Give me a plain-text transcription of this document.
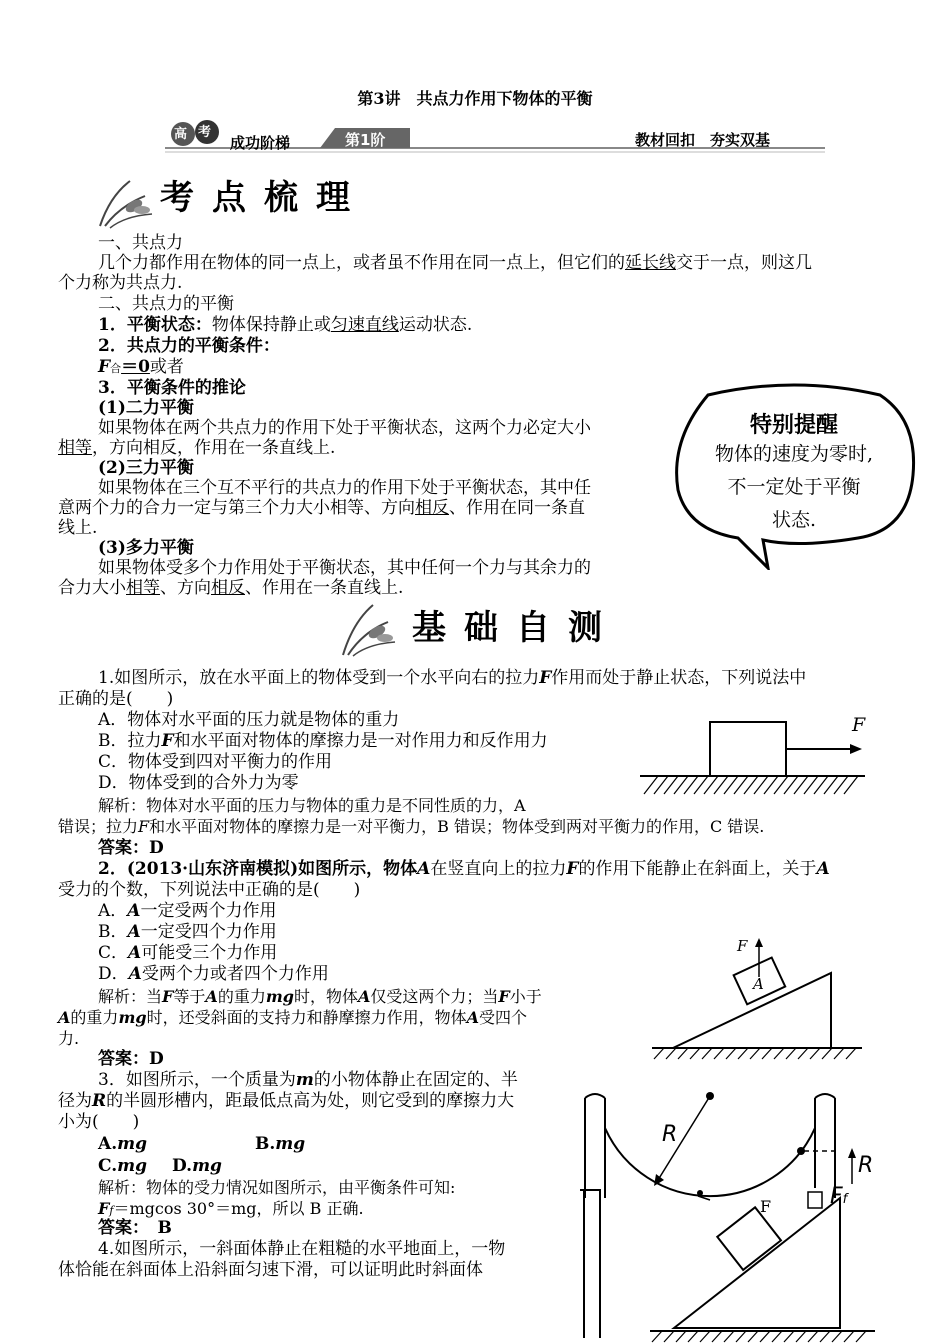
第3讲　共点力作用下物体的平衡
高 考
成功阶梯	第1阶	教材回扣　夯实双基
考点梳理
一、共点力
几个力都作用在物体的同一点上，或者虽不作用在同一点上，但它们的延长线交于一点，则这几
个力称为共点力.
二、共点力的平衡
1．平衡状态：物体保持静止或匀速直线运动状态.
2．共点力的平衡条件：
F合＝0或者
3．平衡条件的推论
(1)二力平衡
如果物体在两个共点力的作用下处于平衡状态，这两个力必定大小
相等，方向相反，作用在一条直线上.
(2)三力平衡
如果物体在三个互不平行的共点力的作用下处于平衡状态，其中任
意两个力的合力一定与第三个力大小相等、方向相反、作用在同一条直
线上.
(3)多力平衡
如果物体受多个力作用处于平衡状态，其中任何一个力与其余力的
合力大小相等、方向相反、作用在一条直线上.
特别提醒
物体的速度为零时,
不一定处于平衡
状态.
基础自测
1.如图所示，放在水平面上的物体受到一个水平向右的拉力F作用而处于静止状态，下列说法中
正确的是(　　)
A．物体对水平面的压力就是物体的重力
B．拉力F和水平面对物体的摩擦力是一对作用力和反作用力
C．物体受到四对平衡力的作用
D．物体受到的合外力为零
解析：物体对水平面的压力与物体的重力是不同性质的力，A
错误；拉力F和水平面对物体的摩擦力是一对平衡力，B 错误；物体受到两对平衡力的作用，C 错误.
答案：D
F
2．(2013·山东济南模拟)如图所示，物体A在竖直向上的拉力F的作用下能静止在斜面上，关于A
受力的个数，下列说法中正确的是(　　)
A．A一定受两个力作用
B．A一定受四个力作用
C．A可能受三个力作用
D．A受两个力或者四个力作用
解析：当F等于A的重力mg时，物体A仅受这两个力；当F小于
A的重力mg时，还受斜面的支持力和静摩擦力作用，物体A受四个
力.
答案：D
F
A
3．如图所示，一个质量为m的小物体静止在固定的、半
径为R的半圆形槽内，距最低点高为处，则它受到的摩擦力大
小为(　　)
A.mg	B.mg
C.mg D.mg
解析：物体的受力情况如图所示，由平衡条件可知:
Ff＝mgcos 30°＝mg，所以 B 正确.
答案：　B
R
R
Ff
F
4.如图所示，一斜面体静止在粗糙的水平地面上，一物
体恰能在斜面体上沿斜面匀速下滑，可以证明此时斜面体
